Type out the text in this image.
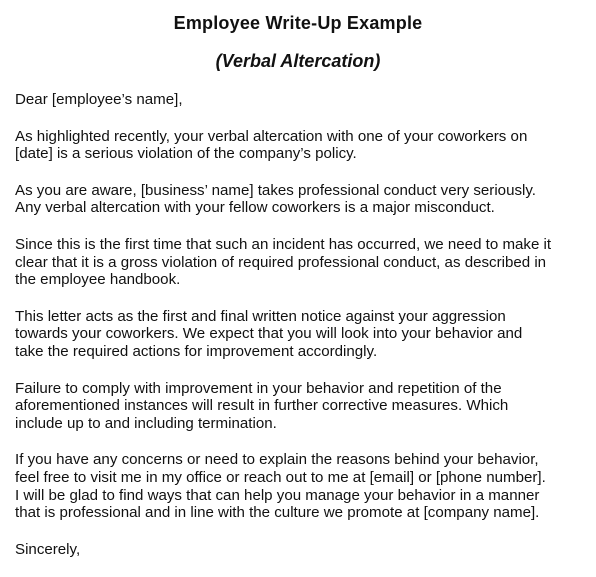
Employee Write-Up Example
(Verbal Altercation)

Dear [employee’s name],

As highlighted recently, your verbal altercation with one of your coworkers on
[date] is a serious violation of the company’s policy.

As you are aware, [business’ name] takes professional conduct very seriously.
Any verbal altercation with your fellow coworkers is a major misconduct.

Since this is the first time that such an incident has occurred, we need to make it
clear that it is a gross violation of required professional conduct, as described in
the employee handbook.

This letter acts as the first and final written notice against your aggression
towards your coworkers. We expect that you will look into your behavior and
take the required actions for improvement accordingly.

Failure to comply with improvement in your behavior and repetition of the
aforementioned instances will result in further corrective measures. Which
include up to and including termination.

If you have any concerns or need to explain the reasons behind your behavior,
feel free to visit me in my office or reach out to me at [email] or [phone number].
I will be glad to find ways that can help you manage your behavior in a manner
that is professional and in line with the culture we promote at [company name].

Sincerely,
